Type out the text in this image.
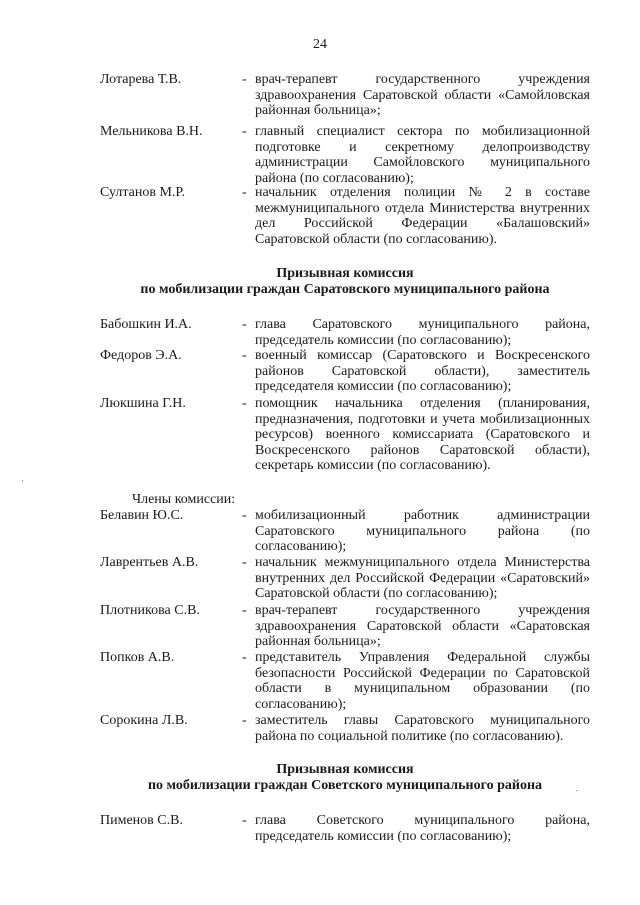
24
Лотарева Т.В.	- врач-терапевт государственного учреждения здравоохранения Саратовской области «Самойловская районная больница»;
Мельникова В.Н.	- главный специалист сектора по мобилизационной подготовке и секретному делопроизводству администрации Самойловского муниципального района (по согласованию);
Султанов М.Р.	- начальник отделения полиции № 2 в составе межмуниципального отдела Министерства внутренних дел Российской Федерации «Балашовский» Саратовской области (по согласованию).
Призывная комиссия
по мобилизации граждан Саратовского муниципального района
Бабошкин И.А.	- глава Саратовского муниципального района, председатель комиссии (по согласованию);
Федоров Э.А.	- военный комиссар (Саратовского и Воскресенского районов Саратовской области), заместитель председателя комиссии (по согласованию);
Люкшина Г.Н.	- помощник начальника отделения (планирования, предназначения, подготовки и учета мобилизационных ресурсов) военного комиссариата (Саратовского и Воскресенского районов Саратовской области), секретарь комиссии (по согласованию).
Члены комиссии:
Белавин Ю.С.	- мобилизационный работник администрации Саратовского муниципального района (по согласованию);
Лаврентьев А.В.	- начальник межмуниципального отдела Министерства внутренних дел Российской Федерации «Саратовский» Саратовской области (по согласованию);
Плотникова С.В.	- врач-терапевт государственного учреждения здравоохранения Саратовской области «Саратовская районная больница»;
Попков А.В.	- представитель Управления Федеральной службы безопасности Российской Федерации по Саратовской области в муниципальном образовании (по согласованию);
Сорокина Л.В.	- заместитель главы Саратовского муниципального района по социальной политике (по согласованию).
Призывная комиссия
по мобилизации граждан Советского муниципального района
Пименов С.В.	- глава Советского муниципального района, председатель комиссии (по согласованию);
